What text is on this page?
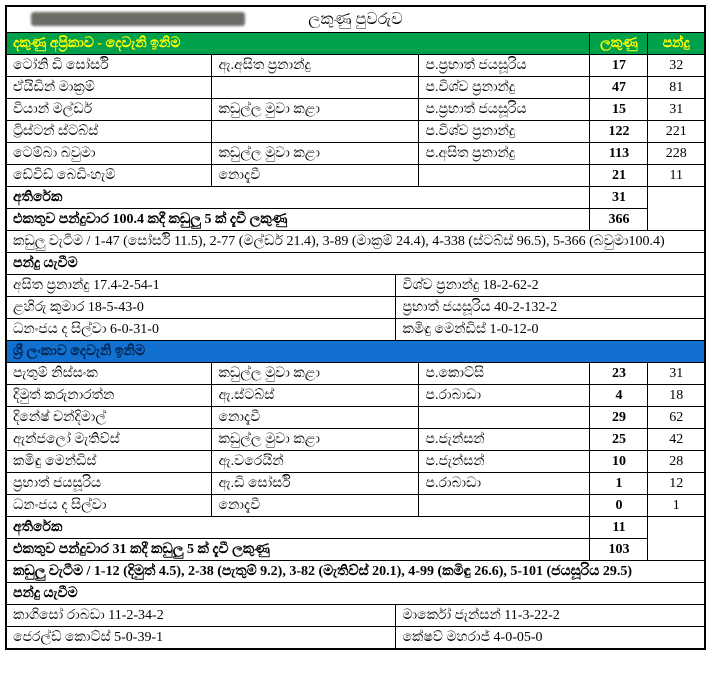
ලකුණු පුවරුව					
දකුණු අප්‍රිකාව - දෙවැනි ඉනිම				ලකුණු	පන්දු
ටෝනි ඩි සෝර්සි	ඇ.අසිත ප්‍රනාන්දු		ප.ප්‍රභාත් ජයසූරිය	17	32
ඒයිඩින් මාක්‍රම්			ප.විශ්ව ප්‍රනාන්දු	47	81
වියාන් මල්ඩර්	කඩුල්ල මුවා කළා		ප.ප්‍රභාත් ජයසූරිය	15	31
ට්‍රිස්ටන් ස්ටබ්ස්			ප.විශ්ව ප්‍රනාන්දු	122	221
ටෙම්බා බවුමා	කඩුල්ල මුවා කළා		ප.අසිත ප්‍රනාන්දු	113	228
ඩේවිඩ් බෙඩිංහැම්	නොදැවී			21	11
අතිරේක				31	
එකතුව පන්දුවාර 100.4 කදී කඩුලු 5 ක් දැවී ලකුණු				366	
කඩුලු වැටීම / 1-47 (සෝර්සි 11.5), 2-77 (මල්ඩර් 21.4), 3-89 (මාක්‍රම් 24.4), 4-338 (ස්ටබ්ස් 96.5), 5-366 (බවුමා100.4)					
පන්දු යැවීම					
අසිත ප්‍රනාන්දු 17.4-2-54-1		විශ්ව ප්‍රනාන්දු 18-2-62-2			
ළහිරු කුමාර 18-5-43-0		ප්‍රභාත් ජයසූරිය 40-2-132-2			
ධනංජය ද සිල්වා 6-0-31-0		කමිඳු මෙන්ඩිස් 1-0-12-0			
ශ්‍රී ලංකාව දෙවැනි ඉනිම					
පැතුම් නිස්සංක	කඩුල්ල මුවා කළා		ප.කොට්සි	23	31
දිමුත් කරුනාරත්න	ඇ.ස්ටබ්ස්		ප.රාබාඩා	4	18
දිනේෂ් චන්දිමාල්	නොදැවී			29	62
ඇන්ජලෝ මැතිව්ස්	කඩුල්ල මුවා කළා		ප.ජැන්සන්	25	42
කමිඳු මෙන්ඩිස්	ඇ.වරෙයින්		ප.ජැන්සන්	10	28
ප්‍රභාත් ජයසූරිය	ඇ.ඩි සෝර්සි		ප.රාබාඩා	1	12
ධනංජය ද සිල්වා	නොදැවී			0	1
අතිරේක				11	
එකතුව පන්දුවාර 31 කදී කඩුලු 5 ක් දැවී ලකුණු				103	
කඩුලු වැටීම / 1-12 (දිමුත් 4.5), 2-38 (පැතුම් 9.2), 3-82 (මැතිව්ස් 20.1), 4-99 (කමිඳු 26.6), 5-101 (ජයසූරිය 29.5)					
පන්දු යැවීම					
කාගිසෝ රාබඩා 11-2-34-2		මාර්කෝ ජැන්සන් 11-3-22-2			
ජෙරල්ඩ් කොට්ස් 5-0-39-1		කේෂව් මහරාජ් 4-0-05-0			
